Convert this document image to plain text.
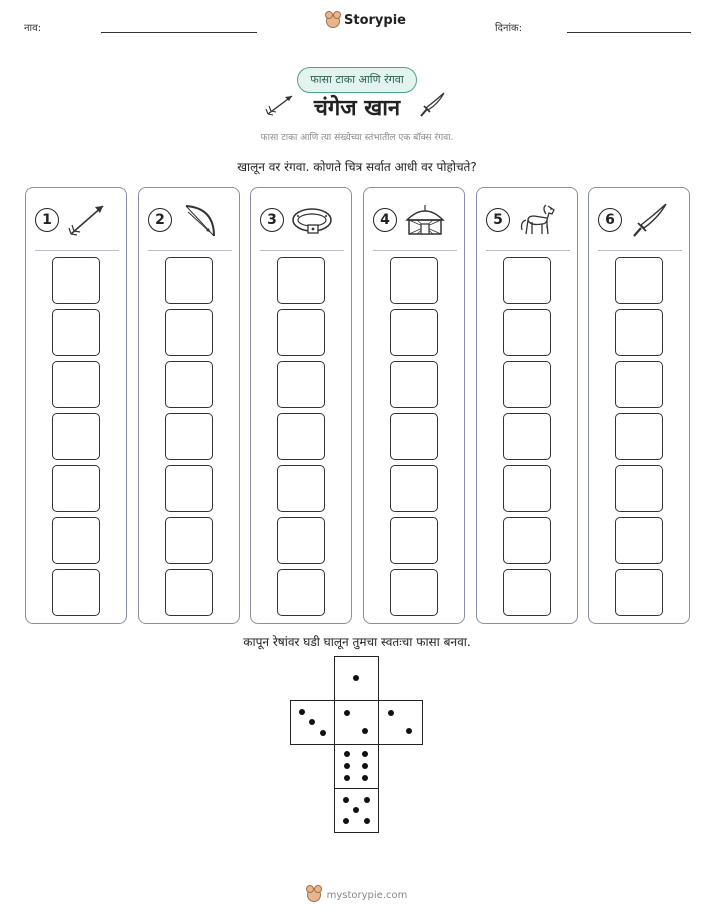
नाव:
Storypie
दिनांक:
फासा टाका आणि रंगवा
चंगेज खान
फासा टाका आणि त्या संख्येच्या स्तंभातील एक बॉक्स रंगवा.
खालून वर रंगवा. कोणते चित्र सर्वात आधी वर पोहोचते?
1	2	3	4	5	6
कापून रेषांवर घडी घालून तुमचा स्वतःचा फासा बनवा.
mystorypie.com
